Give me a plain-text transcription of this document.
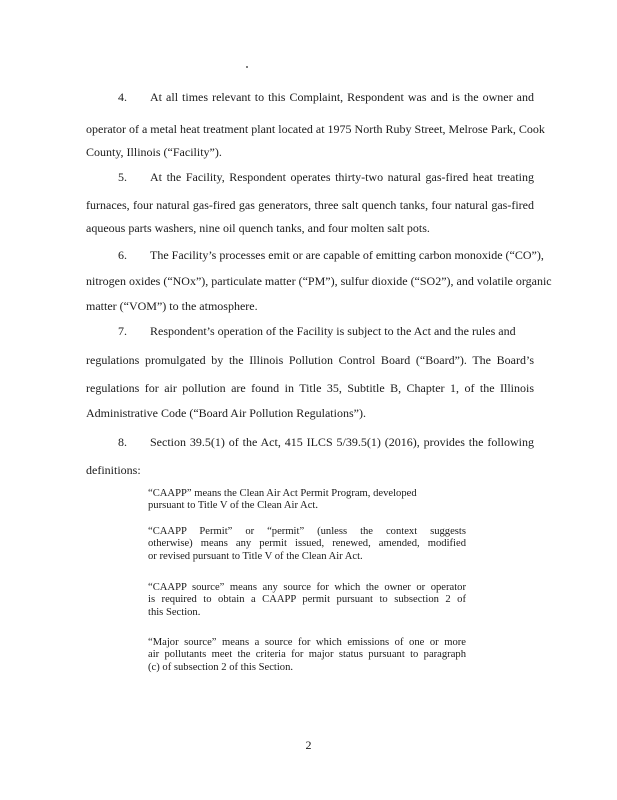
4. At all times relevant to this Complaint, Respondent was and is the owner and
operator of a metal heat treatment plant located at 1975 North Ruby Street, Melrose Park, Cook
County, Illinois (“Facility”).
5. At the Facility, Respondent operates thirty-two natural gas-fired heat treating
furnaces, four natural gas-fired gas generators, three salt quench tanks, four natural gas-fired
aqueous parts washers, nine oil quench tanks, and four molten salt pots.
6. The Facility’s processes emit or are capable of emitting carbon monoxide (“CO”),
nitrogen oxides (“NOx”), particulate matter (“PM”), sulfur dioxide (“SO2”), and volatile organic
matter (“VOM”) to the atmosphere.
7. Respondent’s operation of the Facility is subject to the Act and the rules and
regulations promulgated by the Illinois Pollution Control Board (“Board”). The Board’s
regulations for air pollution are found in Title 35, Subtitle B, Chapter 1, of the Illinois
Administrative Code (“Board Air Pollution Regulations”).
8. Section 39.5(1) of the Act, 415 ILCS 5/39.5(1) (2016), provides the following
definitions:
“CAAPP” means the Clean Air Act Permit Program, developed
pursuant to Title V of the Clean Air Act.
“CAAPP Permit” or “permit” (unless the context suggests
otherwise) means any permit issued, renewed, amended, modified
or revised pursuant to Title V of the Clean Air Act.
“CAAPP source” means any source for which the owner or operator
is required to obtain a CAAPP permit pursuant to subsection 2 of
this Section.
“Major source” means a source for which emissions of one or more
air pollutants meet the criteria for major status pursuant to paragraph
(c) of subsection 2 of this Section.
2
